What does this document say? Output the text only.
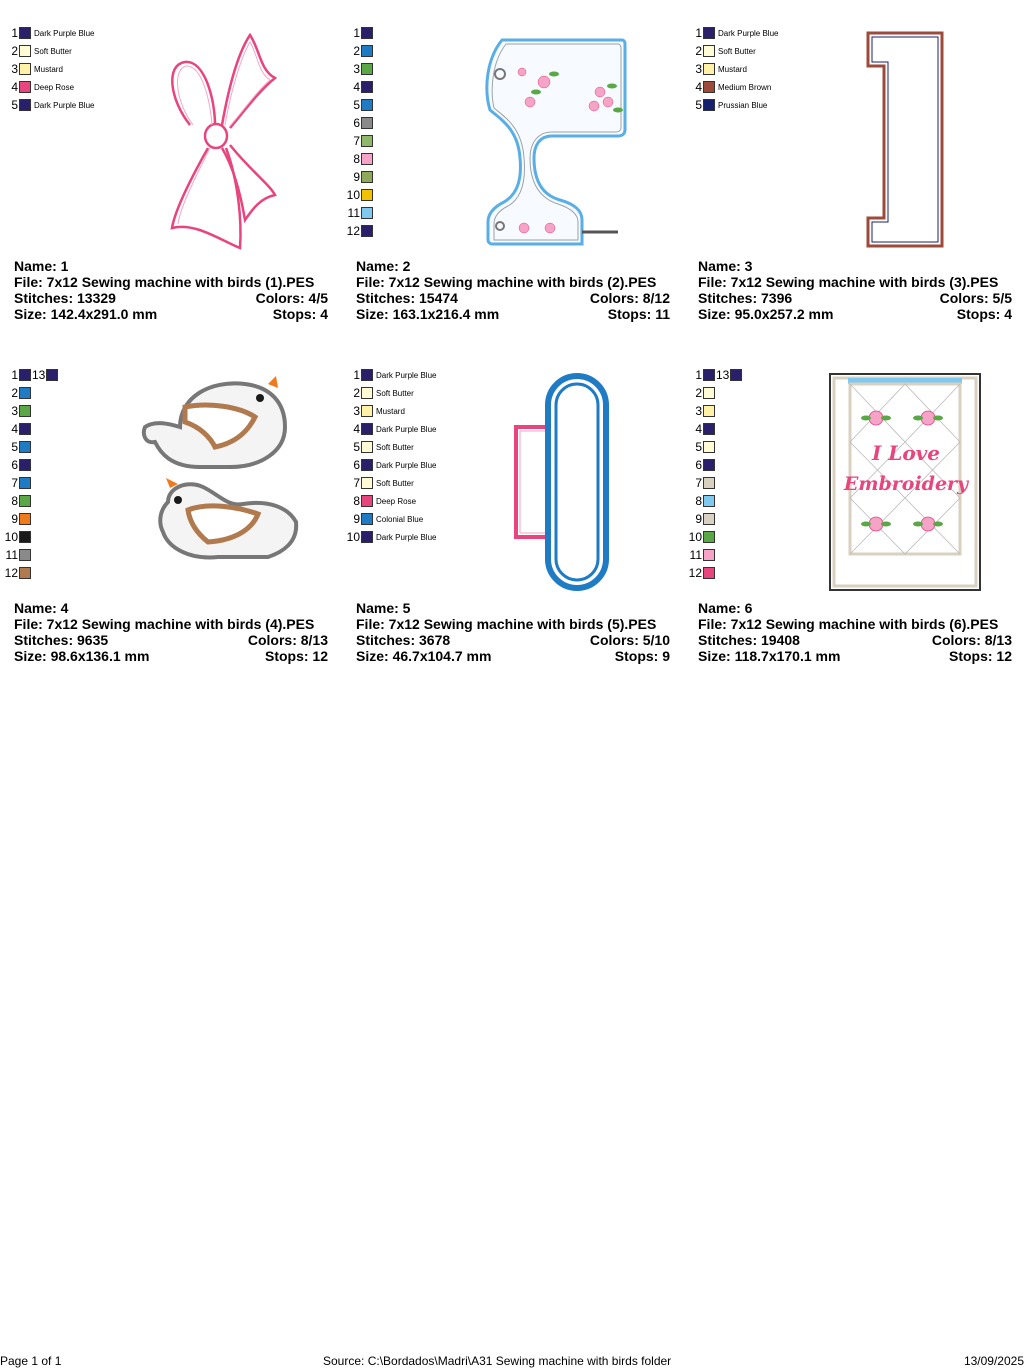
1 Dark Purple Blue
2 Soft Butter
3 Mustard
4 Deep Rose
5 Dark Purple Blue
Name: 1
File: 7x12 Sewing machine with birds (1).PES
Stitches: 13329	Colors: 4/5
Size: 142.4x291.0 mm	Stops: 4
1
2
3
4
5
6
7
8
9
10
11
12
Name: 2
File: 7x12 Sewing machine with birds (2).PES
Stitches: 15474	Colors: 8/12
Size: 163.1x216.4 mm	Stops: 11
1 Dark Purple Blue
2 Soft Butter
3 Mustard
4 Medium Brown
5 Prussian Blue
Name: 3
File: 7x12 Sewing machine with birds (3).PES
Stitches: 7396	Colors: 5/5
Size: 95.0x257.2 mm	Stops: 4
1 13
2
3
4
5
6
7
8
9
10
11
12
Name: 4
File: 7x12 Sewing machine with birds (4).PES
Stitches: 9635	Colors: 8/13
Size: 98.6x136.1 mm	Stops: 12
1 Dark Purple Blue
2 Soft Butter
3 Mustard
4 Dark Purple Blue
5 Soft Butter
6 Dark Purple Blue
7 Soft Butter
8 Deep Rose
9 Colonial Blue
10 Dark Purple Blue
Name: 5
File: 7x12 Sewing machine with birds (5).PES
Stitches: 3678	Colors: 5/10
Size: 46.7x104.7 mm	Stops: 9
1 13
2
3
4
5
6
7
8
9
10
11
12
I Love
Embroidery
Name: 6
File: 7x12 Sewing machine with birds (6).PES
Stitches: 19408	Colors: 8/13
Size: 118.7x170.1 mm	Stops: 12
Page 1 of 1	Source: C:\Bordados\Madri\A31 Sewing machine with birds folder	13/09/2025
